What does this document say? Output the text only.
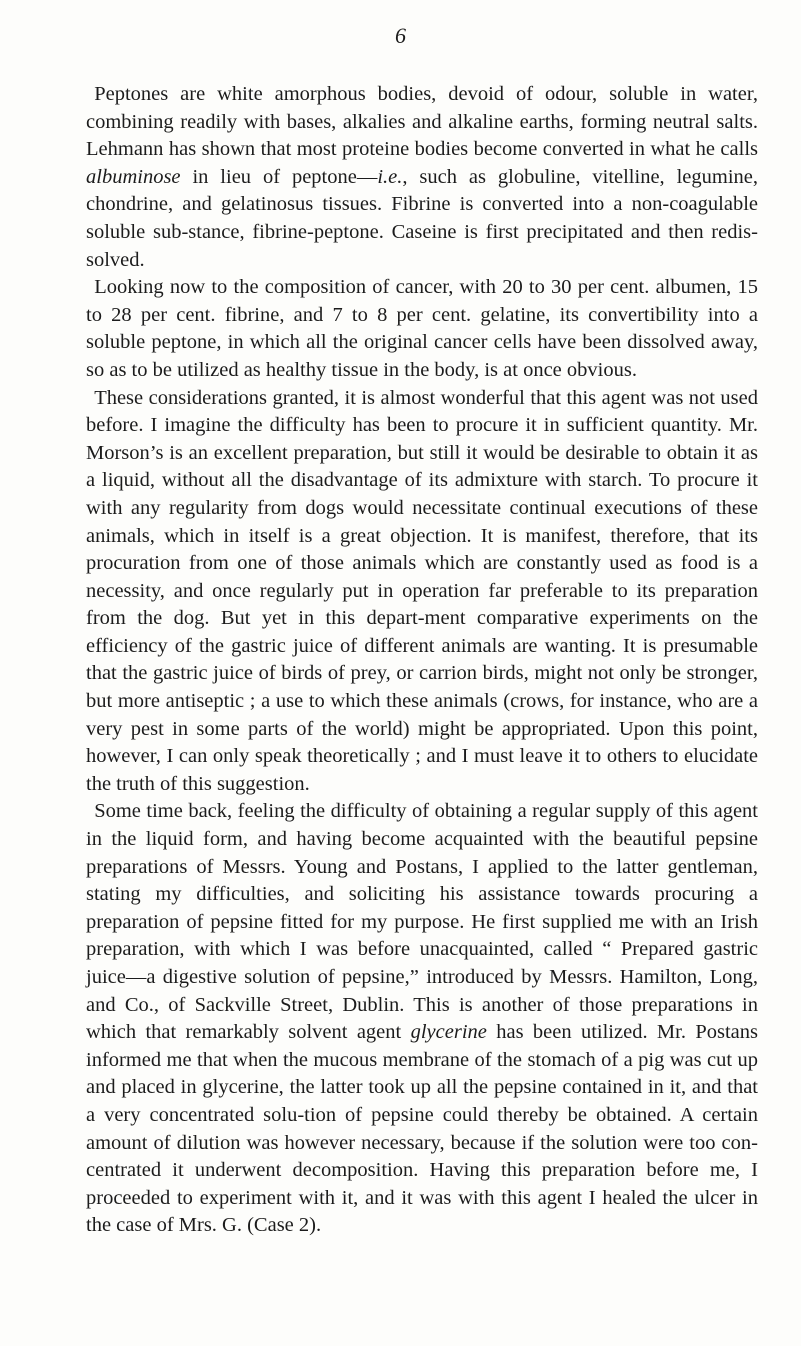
6

Peptones are white amorphous bodies, devoid of odour, soluble in water, combining readily with bases, alkalies and alkaline earths, forming neutral salts. Lehmann has shown that most proteine bodies become converted in what he calls albuminose in lieu of peptone—i.e., such as globuline, vitelline, legumine, chondrine, and gelatinosus tissues. Fibrine is converted into a non-coagulable soluble sub-stance, fibrine-peptone. Caseine is first precipitated and then redis-solved.

Looking now to the composition of cancer, with 20 to 30 per cent. albumen, 15 to 28 per cent. fibrine, and 7 to 8 per cent. gelatine, its convertibility into a soluble peptone, in which all the original cancer cells have been dissolved away, so as to be utilized as healthy tissue in the body, is at once obvious.

These considerations granted, it is almost wonderful that this agent was not used before. I imagine the difficulty has been to procure it in sufficient quantity. Mr. Morson’s is an excellent preparation, but still it would be desirable to obtain it as a liquid, without all the disadvantage of its admixture with starch. To procure it with any regularity from dogs would necessitate continual executions of these animals, which in itself is a great objection. It is manifest, therefore, that its procuration from one of those animals which are constantly used as food is a necessity, and once regularly put in operation far preferable to its preparation from the dog. But yet in this depart-ment comparative experiments on the efficiency of the gastric juice of different animals are wanting. It is presumable that the gastric juice of birds of prey, or carrion birds, might not only be stronger, but more antiseptic ; a use to which these animals (crows, for instance, who are a very pest in some parts of the world) might be appropriated. Upon this point, however, I can only speak theoretically ; and I must leave it to others to elucidate the truth of this suggestion.

Some time back, feeling the difficulty of obtaining a regular supply of this agent in the liquid form, and having become acquainted with the beautiful pepsine preparations of Messrs. Young and Postans, I applied to the latter gentleman, stating my difficulties, and soliciting his assistance towards procuring a preparation of pepsine fitted for my purpose. He first supplied me with an Irish preparation, with which I was before unacquainted, called “ Prepared gastric juice—a digestive solution of pepsine,” introduced by Messrs. Hamilton, Long, and Co., of Sackville Street, Dublin. This is another of those preparations in which that remarkably solvent agent glycerine has been utilized. Mr. Postans informed me that when the mucous membrane of the stomach of a pig was cut up and placed in glycerine, the latter took up all the pepsine contained in it, and that a very concentrated solu-tion of pepsine could thereby be obtained. A certain amount of dilution was however necessary, because if the solution were too con-centrated it underwent decomposition. Having this preparation before me, I proceeded to experiment with it, and it was with this agent I healed the ulcer in the case of Mrs. G. (Case 2).
